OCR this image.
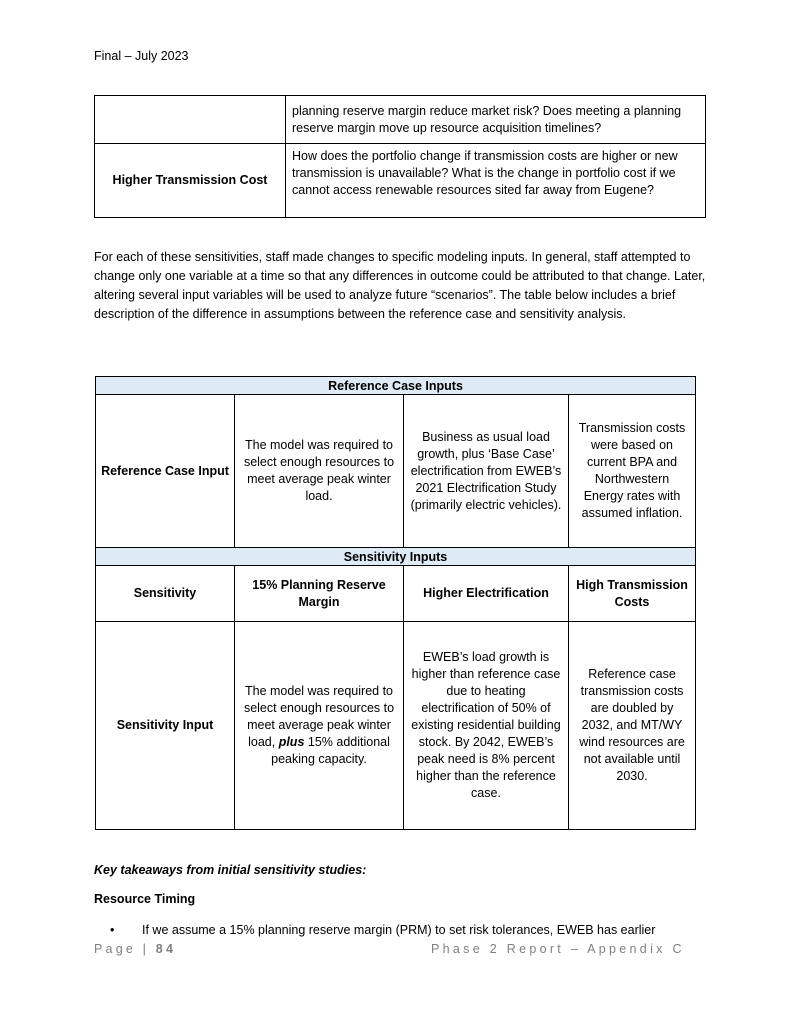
Final – July 2023
	planning reserve margin reduce market risk? Does meeting a planning reserve margin move up resource acquisition timelines?
Higher Transmission Cost	How does the portfolio change if transmission costs are higher or new transmission is unavailable? What is the change in portfolio cost if we cannot access renewable resources sited far away from Eugene?
For each of these sensitivities, staff made changes to specific modeling inputs. In general, staff attempted to change only one variable at a time so that any differences in outcome could be attributed to that change. Later, altering several input variables will be used to analyze future “scenarios”. The table below includes a brief description of the difference in assumptions between the reference case and sensitivity analysis.
Reference Case Inputs			
Reference Case Input	The model was required to select enough resources to meet average peak winter load.	Business as usual load growth, plus ‘Base Case’ electrification from EWEB’s 2021 Electrification Study (primarily electric vehicles).	Transmission costs were based on current BPA and Northwestern Energy rates with assumed inflation.
Sensitivity Inputs			
Sensitivity	15% Planning Reserve Margin	Higher Electrification	High Transmission Costs
Sensitivity Input	The model was required to select enough resources to meet average peak winter load, plus 15% additional peaking capacity.	EWEB’s load growth is higher than reference case due to heating electrification of 50% of existing residential building stock. By 2042, EWEB’s peak need is 8% percent higher than the reference case.	Reference case transmission costs are doubled by 2032, and MT/WY wind resources are not available until 2030.
Key takeaways from initial sensitivity studies:
Resource Timing
• If we assume a 15% planning reserve margin (PRM) to set risk tolerances, EWEB has earlier
Page | 84	Phase 2 Report – Appendix C
